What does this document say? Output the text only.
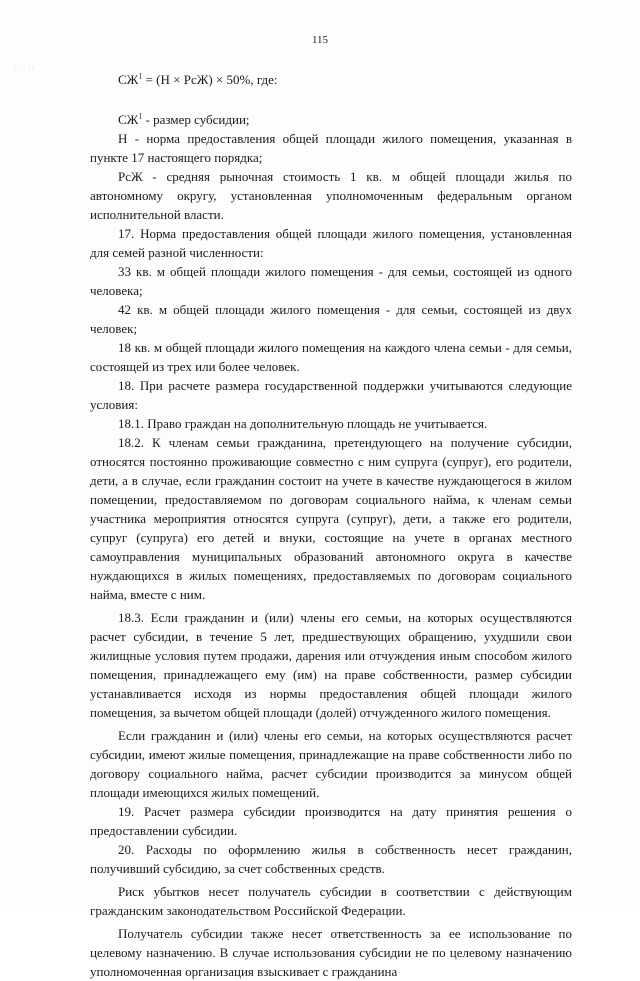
115
· .· ..

$СЖ^1 = (Н \times РсЖ) \times 50\%$, где:

$СЖ^1$ - размер субсидии;

Н - норма предоставления общей площади жилого помещения, указанная в пункте 17 настоящего порядка;

РсЖ - средняя рыночная стоимость 1 кв. м общей площади жилья по автономному округу, установленная уполномоченным федеральным органом исполнительной власти.

17. Норма предоставления общей площади жилого помещения, установленная для семей разной численности:

33 кв. м общей площади жилого помещения - для семьи, состоящей из одного человека;

42 кв. м общей площади жилого помещения - для семьи, состоящей из двух человек;

18 кв. м общей площади жилого помещения на каждого члена семьи - для семьи, состоящей из трех или более человек.

18. При расчете размера государственной поддержки учитываются следующие условия:

18.1. Право граждан на дополнительную площадь не учитывается.

18.2. К членам семьи гражданина, претендующего на получение субсидии, относятся постоянно проживающие совместно с ним супруга (супруг), его родители, дети, а в случае, если гражданин состоит на учете в качестве нуждающегося в жилом помещении, предоставляемом по договорам социального найма, к членам семьи участника мероприятия относятся супруга (супруг), дети, а также его родители, супруг (супруга) его детей и внуки, состоящие на учете в органах местного самоуправления муниципальных образований автономного округа в качестве нуждающихся в жилых помещениях, предоставляемых по договорам социального найма, вместе с ним.

18.3. Если гражданин и (или) члены его семьи, на которых осуществляются расчет субсидии, в течение 5 лет, предшествующих обращению, ухудшили свои жилищные условия путем продажи, дарения или отчуждения иным способом жилого помещения, принадлежащего ему (им) на праве собственности, размер субсидии устанавливается исходя из нормы предоставления общей площади жилого помещения, за вычетом общей площади (долей) отчужденного жилого помещения.

Если гражданин и (или) члены его семьи, на которых осуществляются расчет субсидии, имеют жилые помещения, принадлежащие на праве собственности либо по договору социального найма, расчет субсидии производится за минусом общей площади имеющихся жилых помещений.

19. Расчет размера субсидии производится на дату принятия решения о предоставлении субсидии.

20. Расходы по оформлению жилья в собственность несет гражданин, получивший субсидию, за счет собственных средств.

Риск убытков несет получатель субсидии в соответствии с действующим гражданским законодательством Российской Федерации.

Получатель субсидии также несет ответственность за ее использование по целевому назначению. В случае использования субсидии не по целевому назначению уполномоченная организация взыскивает с гражданина
